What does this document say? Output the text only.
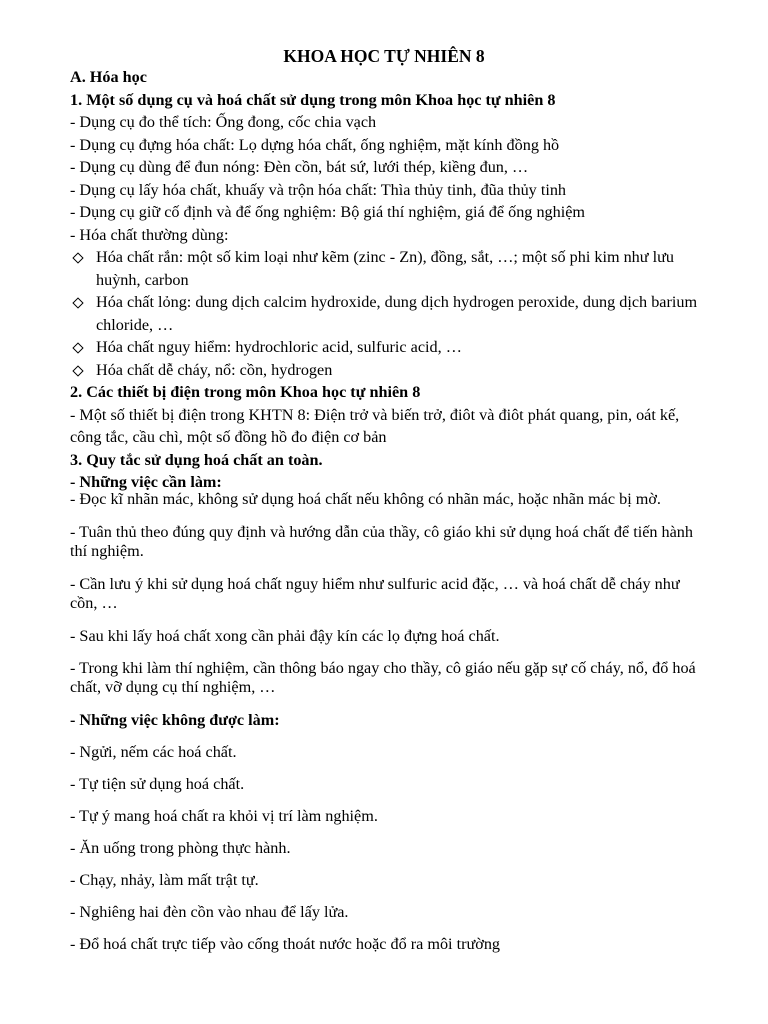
KHOA HỌC TỰ NHIÊN 8
A. Hóa học
1. Một số dụng cụ và hoá chất sử dụng trong môn Khoa học tự nhiên 8
- Dụng cụ đo thể tích: Ống đong, cốc chia vạch
- Dụng cụ đựng hóa chất: Lọ dựng hóa chất, ống nghiệm, mặt kính đồng hồ
- Dụng cụ dùng để đun nóng: Đèn cồn, bát sứ, lưới thép, kiềng đun, …
- Dụng cụ lấy hóa chất, khuấy và trộn hóa chất: Thìa thủy tinh, đũa thủy tinh
- Dụng cụ giữ cố định và để ống nghiệm: Bộ giá thí nghiệm, giá để ống nghiệm
- Hóa chất thường dùng:
Hóa chất rắn: một số kim loại như kẽm (zinc - Zn), đồng, sắt, …; một số phi kim như lưu huỳnh, carbon
Hóa chất lỏng: dung dịch calcim hydroxide, dung dịch hydrogen peroxide, dung dịch barium chloride, …
Hóa chất nguy hiểm: hydrochloric acid, sulfuric acid, …
Hóa chất dễ cháy, nổ: cồn, hydrogen
2. Các thiết bị điện trong môn Khoa học tự nhiên 8
- Một số thiết bị điện trong KHTN 8: Điện trở và biến trở, điôt và điôt phát quang, pin, oát kế, công tắc, cầu chì, một số đồng hồ đo điện cơ bản
3. Quy tắc sử dụng hoá chất an toàn.
- Những việc cần làm:

- Đọc kĩ nhãn mác, không sử dụng hoá chất nếu không có nhãn mác, hoặc nhãn mác bị mờ.

- Tuân thủ theo đúng quy định và hướng dẫn của thầy, cô giáo khi sử dụng hoá chất để tiến hành thí nghiệm.

- Cần lưu ý khi sử dụng hoá chất nguy hiểm như sulfuric acid đặc, … và hoá chất dễ cháy như cồn, …

- Sau khi lấy hoá chất xong cần phải đậy kín các lọ đựng hoá chất.

- Trong khi làm thí nghiệm, cần thông báo ngay cho thầy, cô giáo nếu gặp sự cố cháy, nổ, đổ hoá chất, vỡ dụng cụ thí nghiệm, …

- Những việc không được làm:

- Ngửi, nếm các hoá chất.

- Tự tiện sử dụng hoá chất.

- Tự ý mang hoá chất ra khỏi vị trí làm nghiệm.

- Ăn uống trong phòng thực hành.

- Chạy, nhảy, làm mất trật tự.

- Nghiêng hai đèn cồn vào nhau để lấy lửa.

- Đổ hoá chất trực tiếp vào cống thoát nước hoặc đổ ra môi trường
